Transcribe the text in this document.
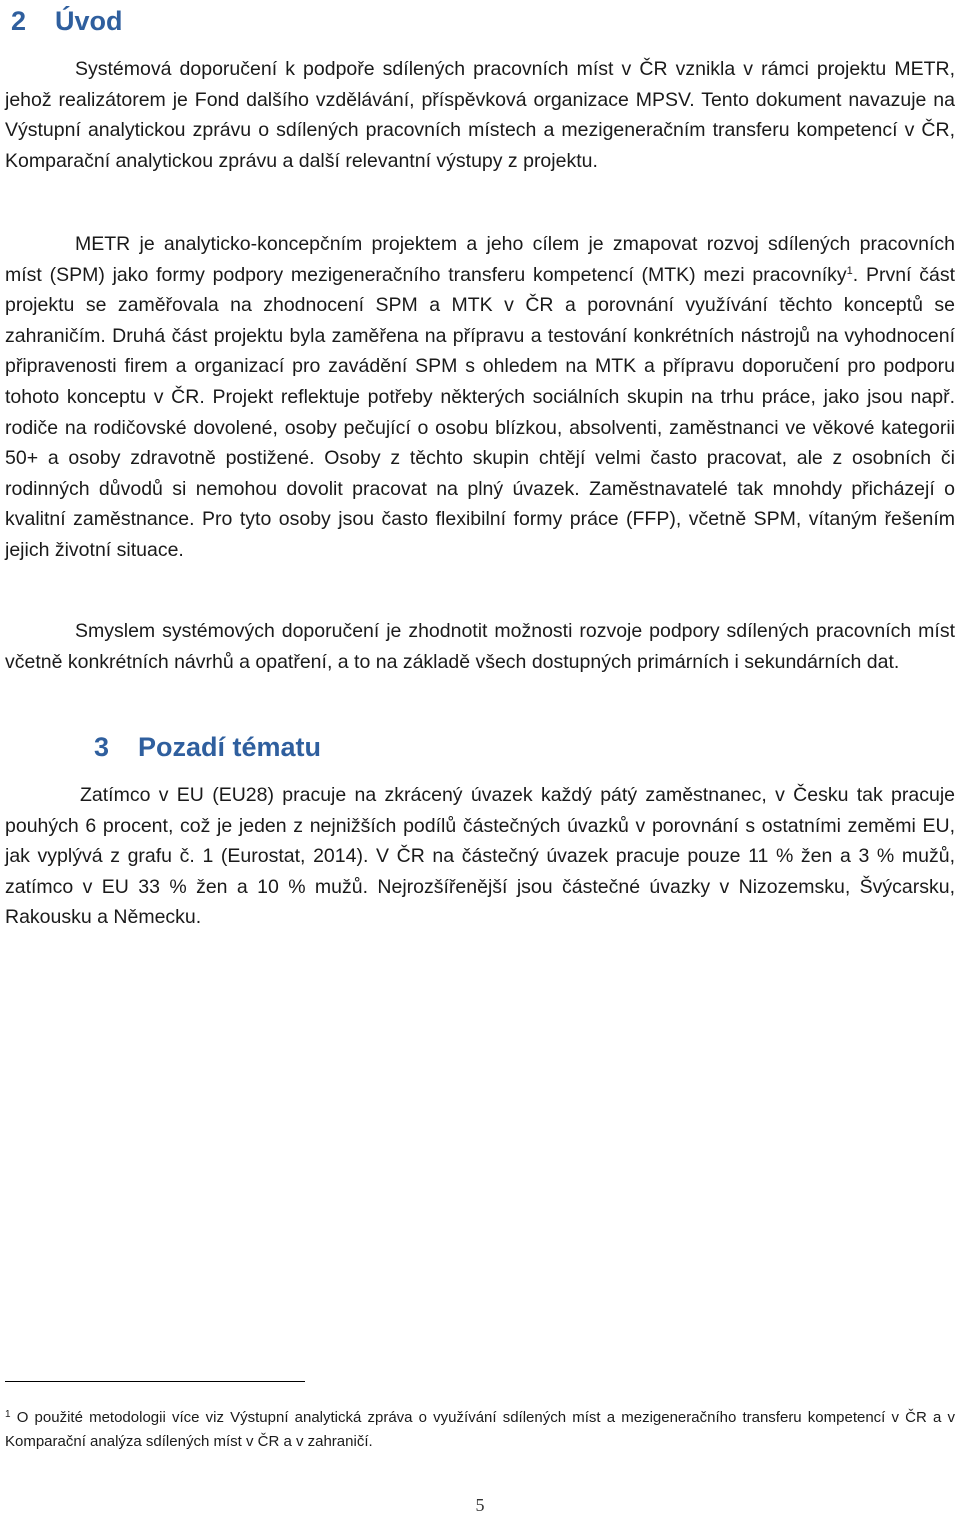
2 Úvod

Systémová doporučení k podpoře sdílených pracovních míst v ČR vznikla v rámci projektu METR, jehož realizátorem je Fond dalšího vzdělávání, příspěvková organizace MPSV. Tento dokument navazuje na Výstupní analytickou zprávu o sdílených pracovních místech a mezigeneračním transferu kompetencí v ČR, Komparační analytickou zprávu a další relevantní výstupy z projektu.

METR je analyticko-koncepčním projektem a jeho cílem je zmapovat rozvoj sdílených pracovních míst (SPM) jako formy podpory mezigeneračního transferu kompetencí (MTK) mezi pracovníky$^1$. První část projektu se zaměřovala na zhodnocení SPM a MTK v ČR a porovnání využívání těchto konceptů se zahraničím. Druhá část projektu byla zaměřena na přípravu a testování konkrétních nástrojů na vyhodnocení připravenosti firem a organizací pro zavádění SPM s ohledem na MTK a přípravu doporučení pro podporu tohoto konceptu v ČR. Projekt reflektuje potřeby některých sociálních skupin na trhu práce, jako jsou např. rodiče na rodičovské dovolené, osoby pečující o osobu blízkou, absolventi, zaměstnanci ve věkové kategorii 50+ a osoby zdravotně postižené. Osoby z těchto skupin chtějí velmi často pracovat, ale z osobních či rodinných důvodů si nemohou dovolit pracovat na plný úvazek. Zaměstnavatelé tak mnohdy přicházejí o kvalitní zaměstnance. Pro tyto osoby jsou často flexibilní formy práce (FFP), včetně SPM, vítaným řešením jejich životní situace.

Smyslem systémových doporučení je zhodnotit možnosti rozvoje podpory sdílených pracovních míst včetně konkrétních návrhů a opatření, a to na základě všech dostupných primárních i sekundárních dat.

3 Pozadí tématu

Zatímco v EU (EU28) pracuje na zkrácený úvazek každý pátý zaměstnanec, v Česku tak pracuje pouhých 6 procent, což je jeden z nejnižších podílů částečných úvazků v porovnání s ostatními zeměmi EU, jak vyplývá z grafu č. 1 (Eurostat, 2014). V ČR na částečný úvazek pracuje pouze 11 % žen a 3 % mužů, zatímco v EU 33 % žen a 10 % mužů. Nejrozšířenější jsou částečné úvazky v Nizozemsku, Švýcarsku, Rakousku a Německu.

$^1$ O použité metodologii více viz Výstupní analytická zpráva o využívání sdílených míst a mezigeneračního transferu kompetencí v ČR a v Komparační analýza sdílených míst v ČR a v zahraničí.

5
